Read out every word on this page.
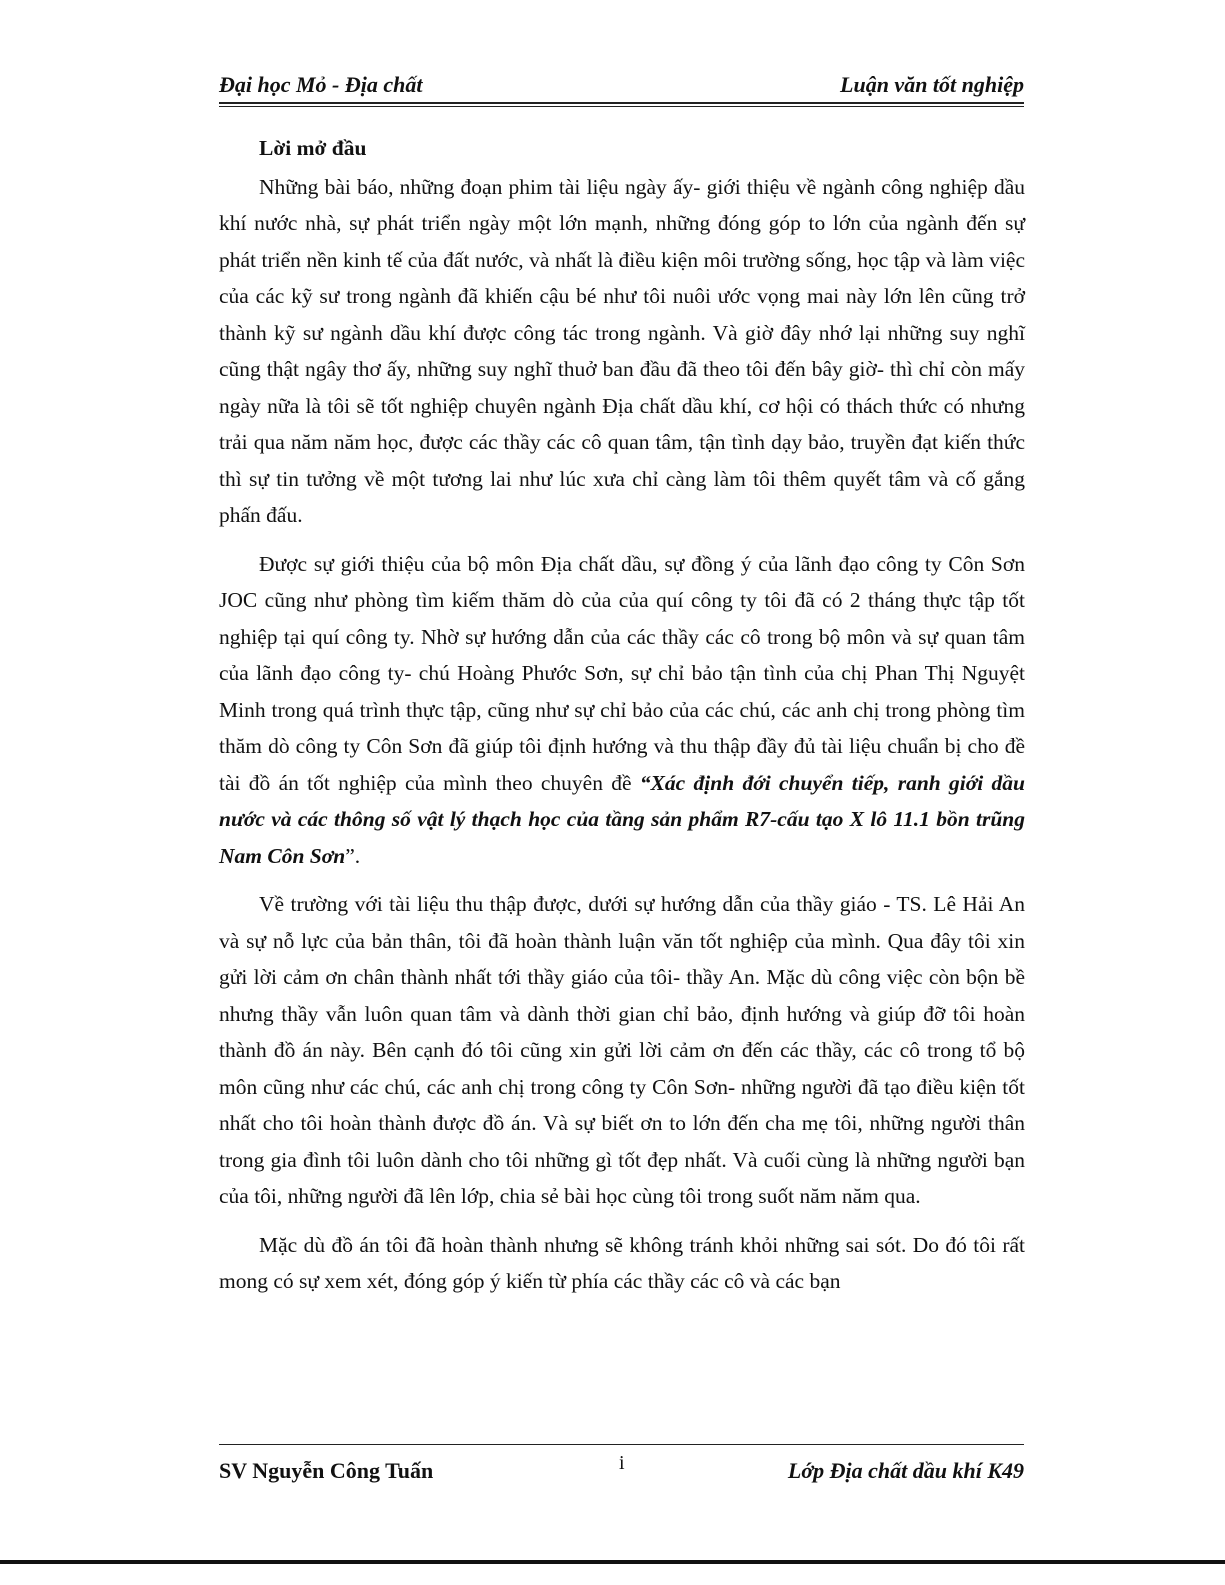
Đại học Mỏ - Địa chất	Luận văn tốt nghiệp
Lời mở đầu

Những bài báo, những đoạn phim tài liệu ngày ấy- giới thiệu về ngành công nghiệp dầu khí nước nhà, sự phát triển ngày một lớn mạnh, những đóng góp to lớn của ngành đến sự phát triển nền kinh tế của đất nước, và nhất là điều kiện môi trường sống, học tập và làm việc của các kỹ sư trong ngành đã khiến cậu bé như tôi nuôi ước vọng mai này lớn lên cũng trở thành kỹ sư ngành dầu khí được công tác trong ngành. Và giờ đây nhớ lại những suy nghĩ cũng thật ngây thơ ấy, những suy nghĩ thuở ban đầu đã theo tôi đến bây giờ- thì chỉ còn mấy ngày nữa là tôi sẽ tốt nghiệp chuyên ngành Địa chất dầu khí, cơ hội có thách thức có nhưng trải qua năm năm học, được các thầy các cô quan tâm, tận tình dạy bảo, truyền đạt kiến thức thì sự tin tưởng về một tương lai như lúc xưa chỉ càng làm tôi thêm quyết tâm và cố gắng phấn đấu.

Được sự giới thiệu của bộ môn Địa chất dầu, sự đồng ý của lãnh đạo công ty Côn Sơn JOC cũng như phòng tìm kiếm thăm dò của của quí công ty tôi đã có 2 tháng thực tập tốt nghiệp tại quí công ty. Nhờ sự hướng dẫn của các thầy các cô trong bộ môn và sự quan tâm của lãnh đạo công ty- chú Hoàng Phước Sơn, sự chỉ bảo tận tình của chị Phan Thị Nguyệt Minh trong quá trình thực tập, cũng như sự chỉ bảo của các chú, các anh chị trong phòng tìm thăm dò công ty Côn Sơn đã giúp tôi định hướng và thu thập đầy đủ tài liệu chuẩn bị cho đề tài đồ án tốt nghiệp của mình theo chuyên đề “Xác định đới chuyển tiếp, ranh giới dầu nước và các thông số vật lý thạch học của tầng sản phẩm R7-cấu tạo X lô 11.1 bồn trũng Nam Côn Sơn”.

Về trường với tài liệu thu thập được, dưới sự hướng dẫn của thầy giáo - TS. Lê Hải An và sự nỗ lực của bản thân, tôi đã hoàn thành luận văn tốt nghiệp của mình. Qua đây tôi xin gửi lời cảm ơn chân thành nhất tới thầy giáo của tôi- thầy An. Mặc dù công việc còn bộn bề nhưng thầy vẫn luôn quan tâm và dành thời gian chỉ bảo, định hướng và giúp đỡ tôi hoàn thành đồ án này. Bên cạnh đó tôi cũng xin gửi lời cảm ơn đến các thầy, các cô trong tổ bộ môn cũng như các chú, các anh chị trong công ty Côn Sơn- những người đã tạo điều kiện tốt nhất cho tôi hoàn thành được đồ án. Và sự biết ơn to lớn đến cha mẹ tôi, những người thân trong gia đình tôi luôn dành cho tôi những gì tốt đẹp nhất. Và cuối cùng là những người bạn của tôi, những người đã lên lớp, chia sẻ bài học cùng tôi trong suốt năm năm qua.

Mặc dù đồ án tôi đã hoàn thành nhưng sẽ không tránh khỏi những sai sót. Do đó tôi rất mong có sự xem xét, đóng góp ý kiến từ phía các thầy các cô và các bạn

SV Nguyễn Công Tuấn	i	Lớp Địa chất dầu khí K49
